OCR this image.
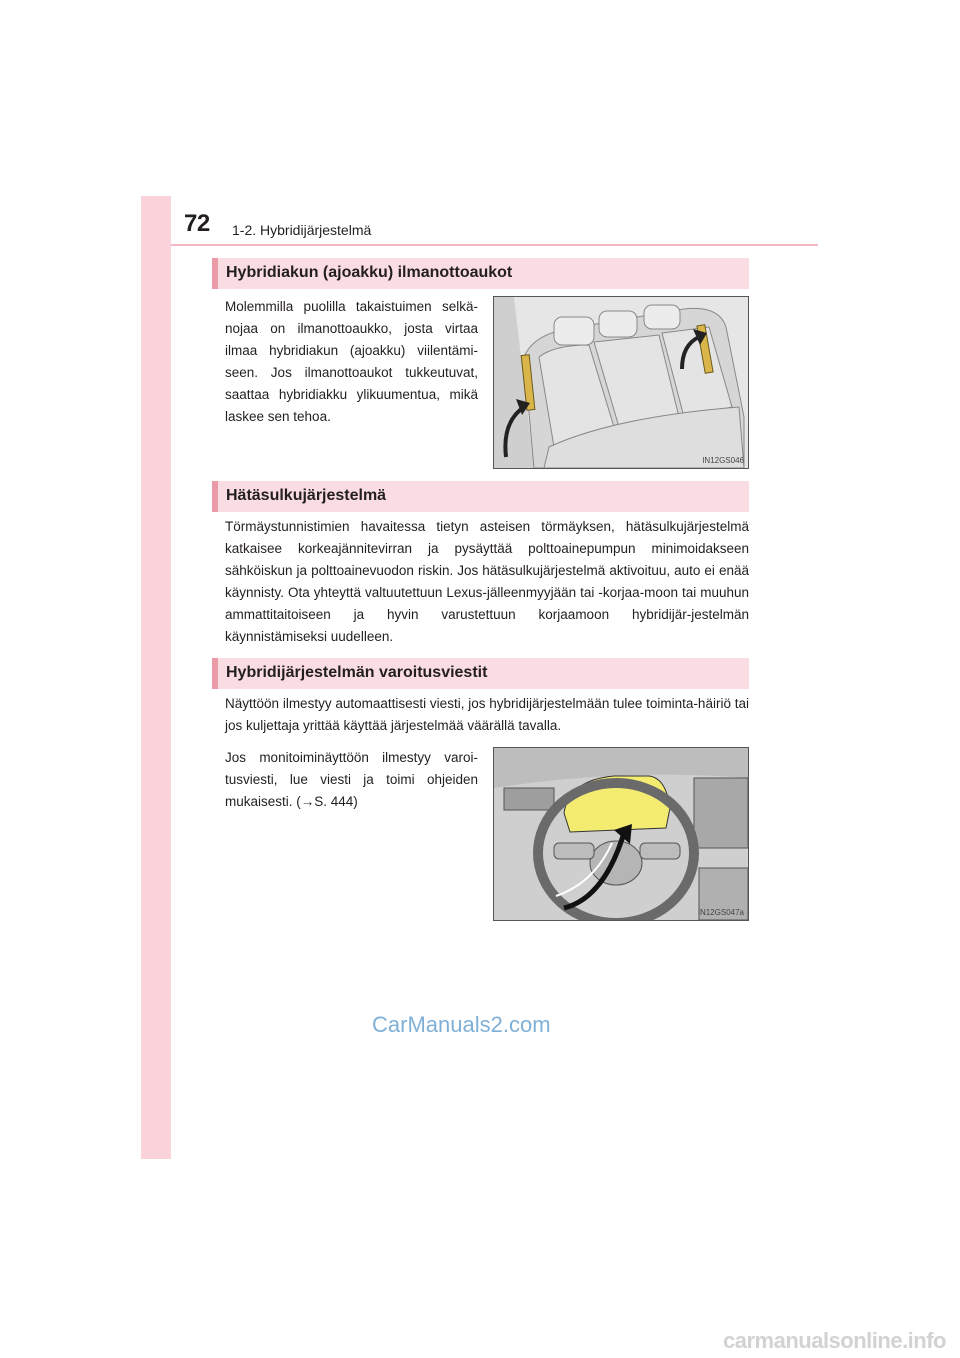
72 1-2. Hybridijärjestelmä
Hybridiakun (ajoakku) ilmanottoaukot

Molemmilla puolilla takaistuimen selkä-nojaa on ilmanottoaukko, josta virtaa ilmaa hybridiakun (ajoakku) viilentämi-seen. Jos ilmanottoaukot tukkeutuvat, saattaa hybridiakku ylikuumentua, mikä laskee sen tehoa.

IN12GS046
Hätäsulkujärjestelmä

Törmäystunnistimien havaitessa tietyn asteisen törmäyksen, hätäsulkujärjestelmä katkaisee korkeajännitevirran ja pysäyttää polttoainepumpun minimoidakseen sähköiskun ja polttoainevuodon riskin. Jos hätäsulkujärjestelmä aktivoituu, auto ei enää käynnisty. Ota yhteyttä valtuutettuun Lexus-jälleenmyyjään tai -korjaa-moon tai muuhun ammattitaitoiseen ja hyvin varustettuun korjaamoon hybridijär-jestelmän käynnistämiseksi uudelleen.

Hybridijärjestelmän varoitusviestit

Näyttöön ilmestyy automaattisesti viesti, jos hybridijärjestelmään tulee toiminta-häiriö tai jos kuljettaja yrittää käyttää järjestelmää väärällä tavalla.

Jos monitoiminäyttöön ilmestyy varoi-tusviesti, lue viesti ja toimi ohjeiden mukaisesti. (→S. 444)

IN12GS047a
CarManuals2.com
carmanualsonline.info
